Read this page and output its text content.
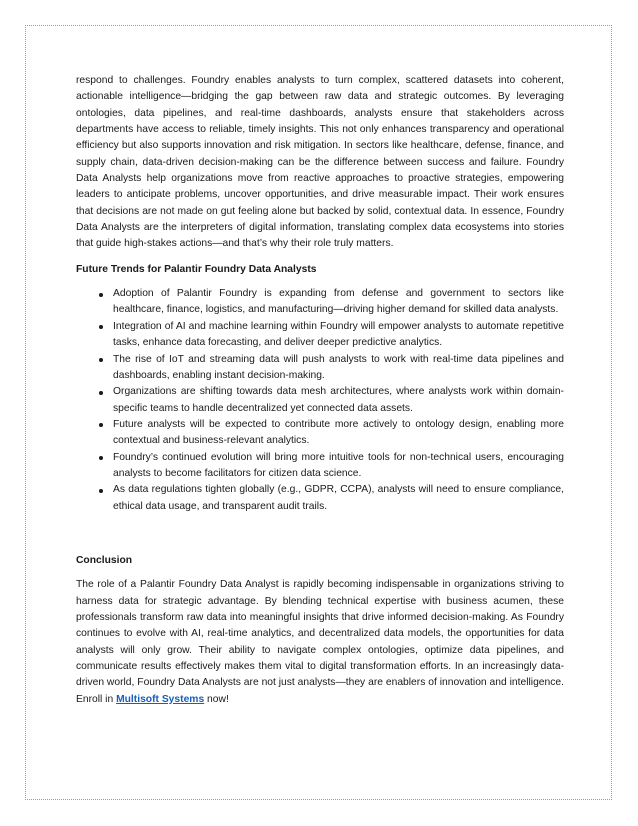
respond to challenges. Foundry enables analysts to turn complex, scattered datasets into coherent, actionable intelligence—bridging the gap between raw data and strategic outcomes. By leveraging ontologies, data pipelines, and real-time dashboards, analysts ensure that stakeholders across departments have access to reliable, timely insights. This not only enhances transparency and operational efficiency but also supports innovation and risk mitigation. In sectors like healthcare, defense, finance, and supply chain, data-driven decision-making can be the difference between success and failure. Foundry Data Analysts help organizations move from reactive approaches to proactive strategies, empowering leaders to anticipate problems, uncover opportunities, and drive measurable impact. Their work ensures that decisions are not made on gut feeling alone but backed by solid, contextual data. In essence, Foundry Data Analysts are the interpreters of digital information, translating complex data ecosystems into stories that guide high-stakes actions—and that’s why their role truly matters.

Future Trends for Palantir Foundry Data Analysts
Adoption of Palantir Foundry is expanding from defense and government to sectors like healthcare, finance, logistics, and manufacturing—driving higher demand for skilled data analysts.
Integration of AI and machine learning within Foundry will empower analysts to automate repetitive tasks, enhance data forecasting, and deliver deeper predictive analytics.
The rise of IoT and streaming data will push analysts to work with real-time data pipelines and dashboards, enabling instant decision-making.
Organizations are shifting towards data mesh architectures, where analysts work within domain-specific teams to handle decentralized yet connected data assets.
Future analysts will be expected to contribute more actively to ontology design, enabling more contextual and business-relevant analytics.
Foundry’s continued evolution will bring more intuitive tools for non-technical users, encouraging analysts to become facilitators for citizen data science.
As data regulations tighten globally (e.g., GDPR, CCPA), analysts will need to ensure compliance, ethical data usage, and transparent audit trails.
Conclusion

The role of a Palantir Foundry Data Analyst is rapidly becoming indispensable in organizations striving to harness data for strategic advantage. By blending technical expertise with business acumen, these professionals transform raw data into meaningful insights that drive informed decision-making. As Foundry continues to evolve with AI, real-time analytics, and decentralized data models, the opportunities for data analysts will only grow. Their ability to navigate complex ontologies, optimize data pipelines, and communicate results effectively makes them vital to digital transformation efforts. In an increasingly data-driven world, Foundry Data Analysts are not just analysts—they are enablers of innovation and intelligence. Enroll in Multisoft Systems now!
